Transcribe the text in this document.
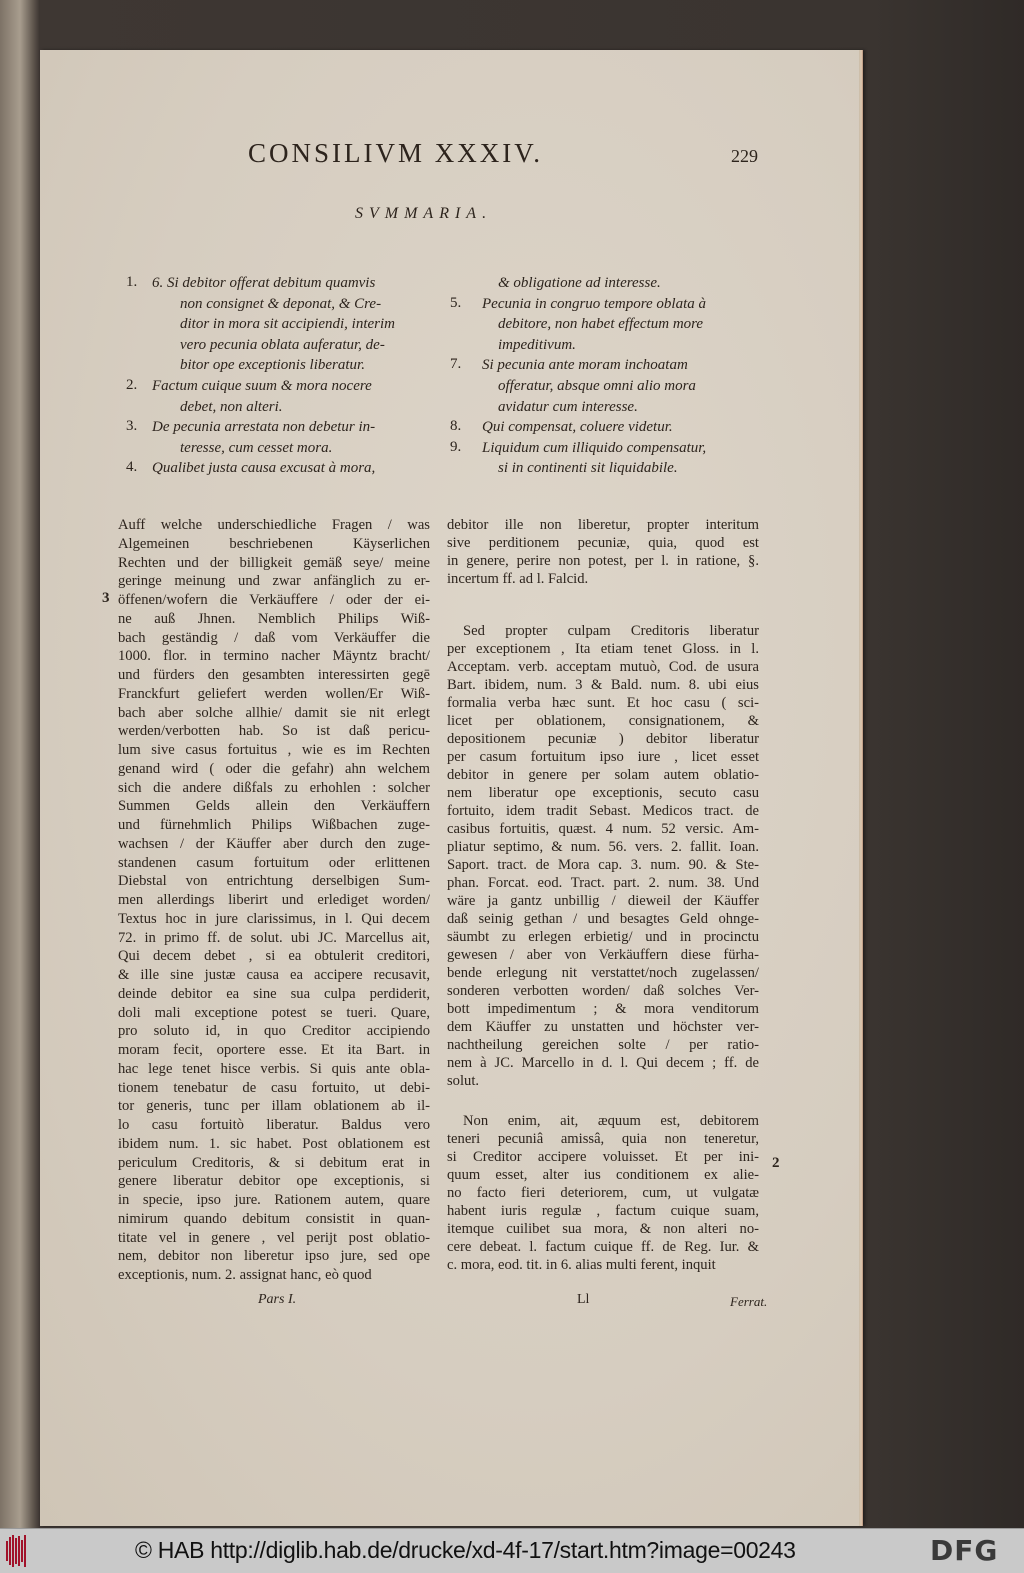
CONSILIVM XXXIV.	229
SVMMARIA.
1. 6. Si debitor offerat debitum quamvis
non consignet & deponat, & Cre-
ditor in mora sit accipiendi, interim
vero pecunia oblata auferatur, de-
bitor ope exceptionis liberatur.
2. Factum cuique suum & mora nocere
debet, non alteri.
3. De pecunia arrestata non debetur in-
teresse, cum cesset mora.
4. Qualibet justa causa excusat à mora,
& obligatione ad interesse.
5. Pecunia in congruo tempore oblata à
debitore, non habet effectum more
impeditivum.
7. Si pecunia ante moram inchoatam
offeratur, absque omni alio mora
avidatur cum interesse.
8. Qui compensat, coluere videtur.
9. Liquidum cum illiquido compensatur,
si in continenti sit liquidabile.
Auff welche underschiedliche Fragen / was
Algemeinen beschriebenen Käyserlichen
Rechten und der billigkeit gemäß seye/ meine
geringe meinung und zwar anfänglich zu er-
öffenen/wofern die Verkäuffere / oder der ei-
ne auß Jhnen. Nemblich Philips Wiß-
bach geständig / daß vom Verkäuffer die
1000. flor. in termino nacher Mäyntz bracht/
und fürders den gesambten interessirten gegē
Franckfurt geliefert werden wollen/Er Wiß-
bach aber solche allhie/ damit sie nit erlegt
werden/verbotten hab. So ist daß pericu-
lum sive casus fortuitus , wie es im Rechten
genand wird ( oder die gefahr) ahn welchem
sich die andere dißfals zu erhohlen : solcher
Summen Gelds allein den Verkäuffern
und fürnehmlich Philips Wißbachen zuge-
wachsen / der Käuffer aber durch den zuge-
standenen casum fortuitum oder erlittenen
Diebstal von entrichtung derselbigen Sum-
men allerdings liberirt und erlediget worden/
Textus hoc in jure clarissimus, in l. Qui decem
72. in primo ff. de solut. ubi JC. Marcellus ait,
Qui decem debet , si ea obtulerit creditori,
& ille sine justæ causa ea accipere recusavit,
deinde debitor ea sine sua culpa perdiderit,
doli mali exceptione potest se tueri. Quare,
pro soluto id, in quo Creditor accipiendo
moram fecit, oportere esse. Et ita Bart. in
hac lege tenet hisce verbis. Si quis ante obla-
tionem tenebatur de casu fortuito, ut debi-
tor generis, tunc per illam oblationem ab il-
lo casu fortuitò liberatur. Baldus vero
ibidem num. 1. sic habet. Post oblationem est
periculum Creditoris, & si debitum erat in
genere liberatur debitor ope exceptionis, si
in specie, ipso jure. Rationem autem, quare
nimirum quando debitum consistit in quan-
titate vel in genere , vel perijt post oblatio-
nem, debitor non liberetur ipso jure, sed ope
exceptionis, num. 2. assignat hanc, eò quod
debitor ille non liberetur, propter interitum
sive perditionem pecuniæ, quia, quod est
in genere, perire non potest, per l. in ratione, §.
incertum ff. ad l. Falcid.
Sed propter culpam Creditoris liberatur
per exceptionem , Ita etiam tenet Gloss. in l.
Acceptam. verb. acceptam mutuò, Cod. de usura
Bart. ibidem, num. 3 & Bald. num. 8. ubi eius
formalia verba hæc sunt. Et hoc casu ( sci-
licet per oblationem, consignationem, &
depositionem pecuniæ ) debitor liberatur
per casum fortuitum ipso iure , licet esset
debitor in genere per solam autem oblatio-
nem liberatur ope exceptionis, secuto casu
fortuito, idem tradit Sebast. Medicos tract. de
casibus fortuitis, quæst. 4 num. 52 versic. Am-
pliatur septimo, & num. 56. vers. 2. fallit. Ioan.
Saport. tract. de Mora cap. 3. num. 90. & Ste-
phan. Forcat. eod. Tract. part. 2. num. 38. Und
wäre ja gantz unbillig / dieweil der Käuffer
daß seinig gethan / und besagtes Geld ohnge-
säumbt zu erlegen erbietig/ und in procinctu
gewesen / aber von Verkäuffern diese fürha-
bende erlegung nit verstattet/noch zugelassen/
sonderen verbotten worden/ daß solches Ver-
bott impedimentum ; & mora venditorum
dem Käuffer zu unstatten und höchster ver-
nachtheilung gereichen solte / per ratio-
nem à JC. Marcello in d. l. Qui decem ; ff. de
solut.
Non enim, ait, æquum est, debitorem
teneri pecuniâ amissâ, quia non teneretur,
si Creditor accipere voluisset. Et per ini-
quum esset, alter ius conditionem ex alie-
no facto fieri deteriorem, cum, ut vulgatæ
habent iuris regulæ , factum cuique suam,
itemque cuilibet sua mora, & non alteri no-
cere debeat. l. factum cuique ff. de Reg. Iur. &
c. mora, eod. tit. in 6. alias multi ferent, inquit
3
2
Pars I.	Ll	Ferrat.
© HAB http://diglib.hab.de/drucke/xd-4f-17/start.htm?image=00243	DFG
